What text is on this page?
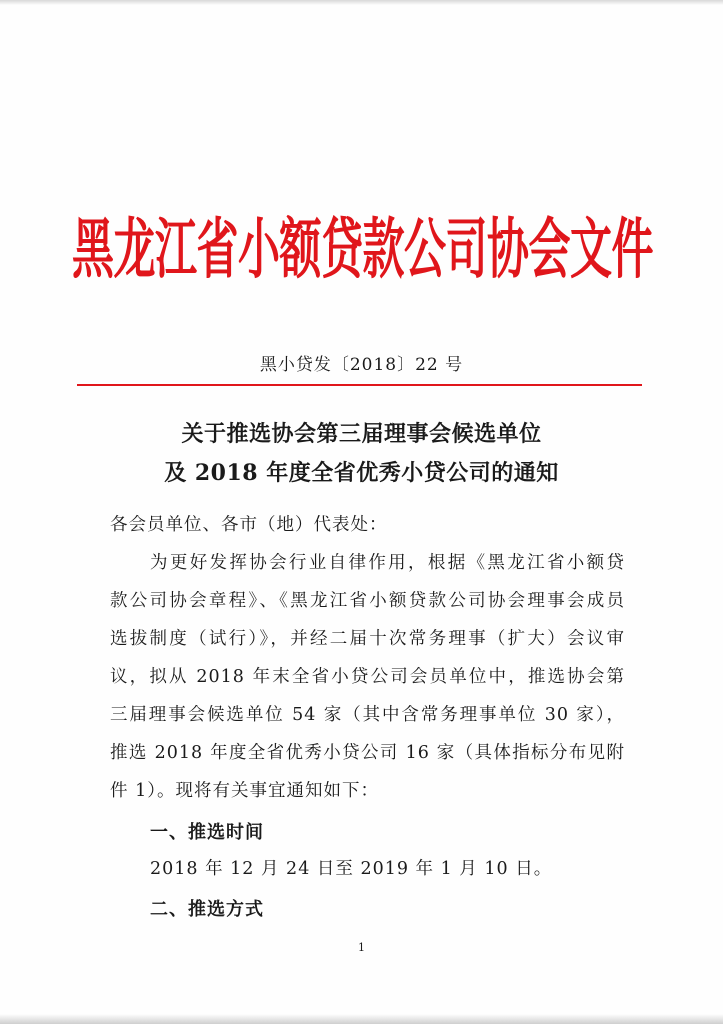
黑龙江省小额贷款公司协会文件
黑小贷发〔2018〕22 号
关于推选协会第三届理事会候选单位
及 2018 年度全省优秀小贷公司的通知
各会员单位、各市（地）代表处：
为更好发挥协会行业自律作用，根据《黑龙江省小额贷
款公司协会章程》、《黑龙江省小额贷款公司协会理事会成员
选拔制度（试行）》，并经二届十次常务理事（扩大）会议审
议，拟从 2018 年末全省小贷公司会员单位中，推选协会第
三届理事会候选单位 54 家（其中含常务理事单位 30 家），
推选 2018 年度全省优秀小贷公司 16 家（具体指标分布见附
件 1）。现将有关事宜通知如下：
一、推选时间
2018 年 12 月 24 日至 2019 年 1 月 10 日。
二、推选方式
1
